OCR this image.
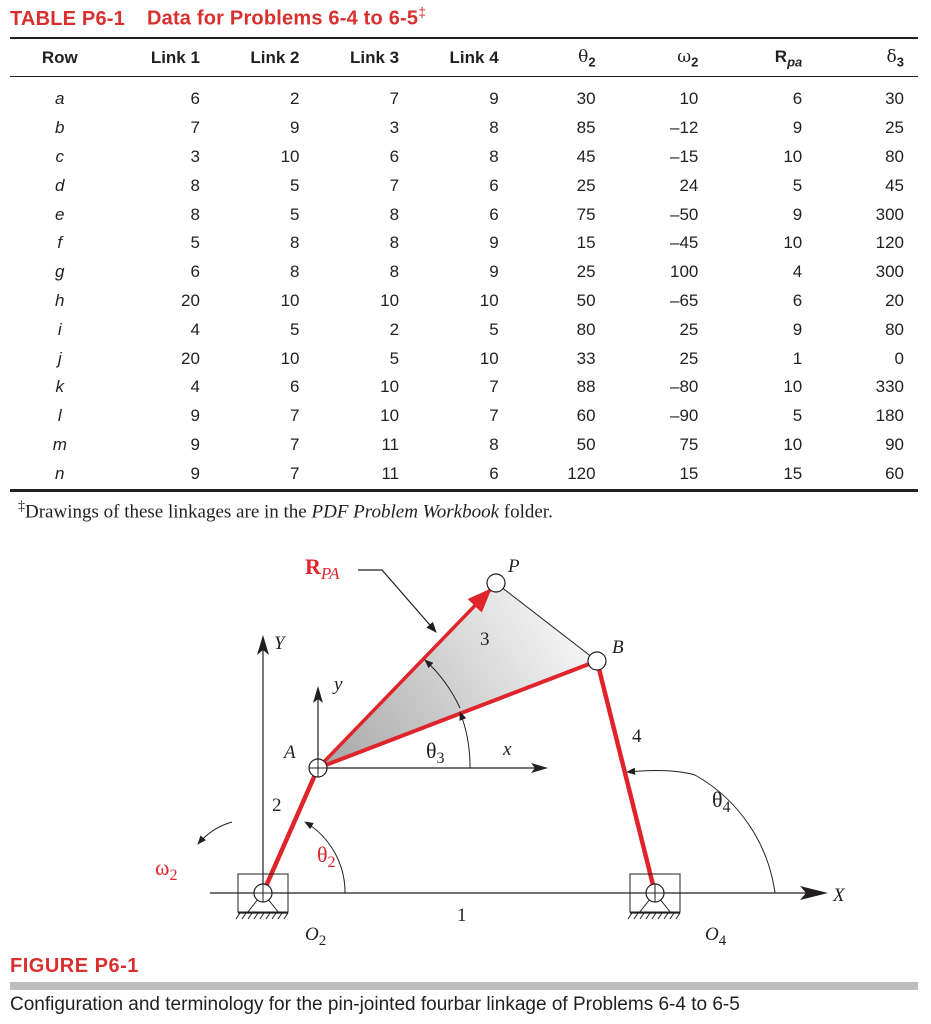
TABLE P6-1 Data for Problems 6-4 to 6-5‡
Row	Link 1	Link 2	Link 3	Link 4	$\theta_2$	$\omega_2$	$R_{pa}$	$\delta_3$
a	6	2	7	9	30	10	6	30
b	7	9	3	8	85	–12	9	25
c	3	10	6	8	45	–15	10	80
d	8	5	7	6	25	24	5	45
e	8	5	8	6	75	–50	9	300
f	5	8	8	9	15	–45	10	120
g	6	8	8	9	25	100	4	300
h	20	10	10	10	50	–65	6	20
i	4	5	2	5	80	25	9	80
j	20	10	5	10	33	25	1	0
k	4	6	10	7	88	–80	10	330
l	9	7	10	7	60	–90	5	180
m	9	7	11	8	50	75	10	90
n	9	7	11	6	120	15	15	60
‡Drawings of these linkages are in the PDF Problem Workbook folder.
$R_{PA}$	P
B
A
Y
y
x
X
1
2
3
4
$\theta_3$
$\theta_2$
$\theta_4$
$\omega_2$
$O_2$	$O_4$
FIGURE P6-1
Configuration and terminology for the pin-jointed fourbar linkage of Problems 6-4 to 6-5
